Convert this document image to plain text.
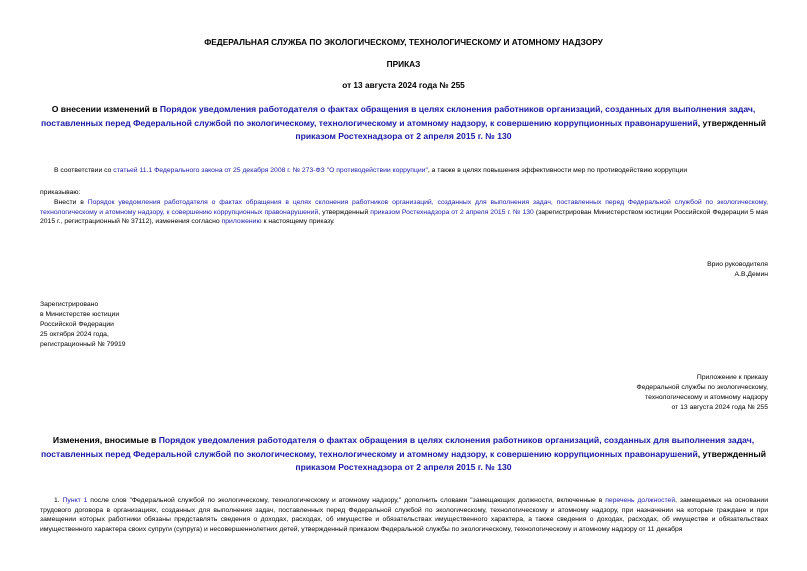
ФЕДЕРАЛЬНАЯ СЛУЖБА ПО ЭКОЛОГИЧЕСКОМУ, ТЕХНОЛОГИЧЕСКОМУ И АТОМНОМУ НАДЗОРУ
ПРИКАЗ
от 13 августа 2024 года № 255
О внесении изменений в Порядок уведомления работодателя о фактах обращения в целях склонения работников организаций, созданных для выполнения задач, поставленных перед Федеральной службой по экологическому, технологическому и атомному надзору, к совершению коррупционных правонарушений, утвержденный приказом Ростехнадзора от 2 апреля 2015 г. № 130
В соответствии со статьей 11.1 Федерального закона от 25 декабря 2008 г. № 273-ФЗ "О противодействии коррупции", а также в целях повышения эффективности мер по противодействию коррупции
приказываю:
Внести в Порядок уведомления работодателя о фактах обращения в целях склонения работников организаций, созданных для выполнения задач, поставленных перед Федеральной службой по экологическому, технологическому и атомному надзору, к совершению коррупционных правонарушений, утвержденный приказом Ростехнадзора от 2 апреля 2015 г. № 130 (зарегистрирован Министерством юстиции Российской Федерации 5 мая 2015 г., регистрационный № 37112), изменения согласно приложению к настоящему приказу.
Врио руководителя
А.В.Демин
Зарегистрировано
в Министерстве юстиции
Российской Федерации
25 октября 2024 года,
регистрационный № 79919
Приложение к приказу
Федеральной службы по экологическому,
технологическому и атомному надзору
от 13 августа 2024 года № 255
Изменения, вносимые в Порядок уведомления работодателя о фактах обращения в целях склонения работников организаций, созданных для выполнения задач, поставленных перед Федеральной службой по экологическому, технологическому и атомному надзору, к совершению коррупционных правонарушений, утвержденный приказом Ростехнадзора от 2 апреля 2015 г. № 130
1. Пункт 1 после слов "Федеральной службой по экологическому, технологическому и атомному надзору," дополнить словами "замещающих должности, включенные в перечень должностей, замещаемых на основании трудового договора в организациях, созданных для выполнения задач, поставленных перед Федеральной службой по экологическому, технологическому и атомному надзору, при назначении на которые граждане и при замещении которых работники обязаны представлять сведения о доходах, расходах, об имуществе и обязательствах имущественного характера, а также сведения о доходах, расходах, об имуществе и обязательствах имущественного характера своих супруги (супруга) и несовершеннолетних детей, утвержденный приказом Федеральной службы по экологическому, технологическому и атомному надзору от 11 декабря
